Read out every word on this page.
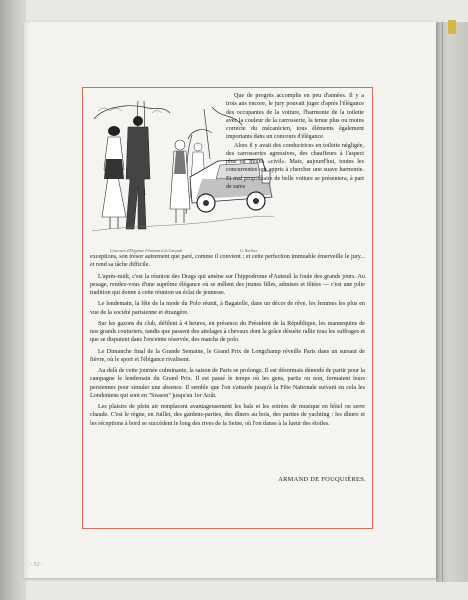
Concours d'Elégance Féminine à la Cascade.	G. Barbier

Que de progrès accomplis en peu d'années. Il y a trois ans encore, le jury pouvait juger d'après l'élégance des occupantes de la voiture, l'harmonie de la toilette avec la couleur de la carrosserie, la tenue plus ou moins correcte du mécanicien, tous éléments également importants dans un concours d'élégance.

Alors il y avait des conductrices en toilette négligée, des carrosseries agressives, des chauffeurs à l'aspect plus ou moins «civil». Mais, aujourd'hui, toutes les concurrentes ont appris à chercher une suave harmonie. Et mal propriétaire de belle voiture se présentera, à part de rares

exceptions, son trésor autrement que paré, comme il convient ; et cette perfection immuable émerveille le jury... et rend sa tâche difficile.

L'après-midi, c'est la réunion des Drags qui amène sur l'hippodrome d'Auteuil la foule des grands jours. Au pesage, rendez-vous d'une suprême élégance où se mêlent des jeunes filles, admises et fêtées — c'est une jolie tradition qui donne à cette réunion un éclat de jeunesse.

Le lendemain, la fête de la mode du Polo réunit, à Bagatelle, dans un décor de rêve, les femmes les plus en vue de la société parisienne et étrangère.

Sur les gazons du club, défilent à 4 heures, en présence du Président de la République, les mannequins de nos grands couturiers, tandis que passent des attelages à chevaux dont la grâce désuète rallie tous les suffrages et que se disputent dans l'enceinte réservée, des matchs de polo.

Le Dimanche final de la Grande Semaine, le Grand Prix de Longchamp réveille Paris dans un sursaut de fièvre, où le sport et l'élégance rivalisent.

Au delà de cette journée culminante, la saison de Paris se prolonge. Il est désormais démodé de partir pour la campagne le lendemain du Grand Prix. Il est passé le temps où les gens, partis ou non, fermaient leurs persiennes pour simuler une absence. Il semble que l'on s'attarde jusqu'à la Fête Nationale suivant en cela les Londoniens qui sont en "Season" jusqu'au 1er Août.

Les plaisirs de plein air remplacent avantageusement les bals et les soirées de musique en hôtel ou serre chaude. C'est le règne, en Juillet, des gardens-parties, des dîners au bois, des parties de yachting : les dîners et les réceptions à bord se succèdent le long des rives de la Seine, où l'on danse à la lueur des étoiles.

ARMAND DE FOUQUIÈRES.
- 52 -
